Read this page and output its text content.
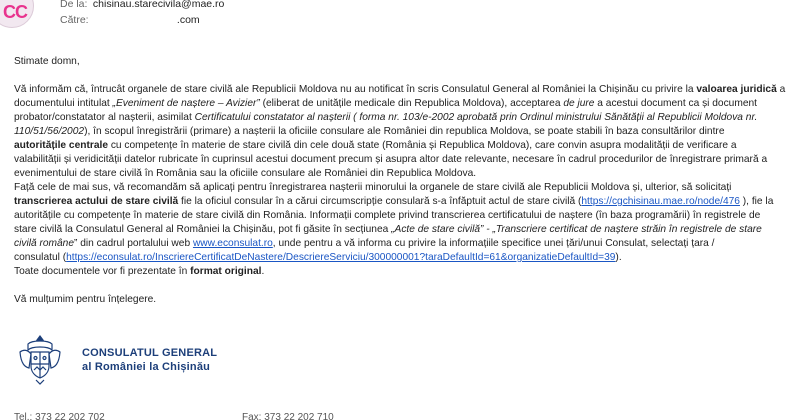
CC	De la: chisinau.starecivila@mae.ro
Către:	.com

Stimate domn,

Vă informăm că, întrucât organele de stare civilă ale Republicii Moldova nu au notificat în scris Consulatul General al României la Chișinău cu privire la valoarea juridică a
documentului intitulat „Eveniment de naștere – Avizier” (eliberat de unitățile medicale din Republica Moldova), acceptarea de jure a acestui document ca și document
probator/constatator al nașterii, asimilat Certificatului constatator al nașterii ( forma nr. 103/e-2002 aprobată prin Ordinul ministrului Sănătății al Republicii Moldova nr.
110/51/56/2002), în scopul înregistrării (primare) a nașterii la oficiile consulare ale României din republica Moldova, se poate stabili în baza consultărilor dintre
autoritățile centrale cu competențe în materie de stare civilă din cele două state (România și Republica Moldova), care convin asupra modalității de verificare a
valabilității și veridicității datelor rubricate în cuprinsul acestui document precum și asupra altor date relevante, necesare în cadrul procedurilor de înregistrare primară a
evenimentului de stare civilă în România sau la oficiile consulare ale României din Republica Moldova.

Față cele de mai sus, vă recomandăm să aplicați pentru înregistrarea nașterii minorului la organele de stare civilă ale Republicii Moldova și, ulterior, să solicitați
transcrierea actului de stare civilă fie la oficiul consular în a cărui circumscripție consulară s-a înfăptuit actul de stare civilă (https://cgchisinau.mae.ro/node/476 ), fie la
autoritățile cu competențe în materie de stare civilă din România. Informații complete privind transcrierea certificatului de naștere (în baza programării) în registrele de
stare civilă la Consulatul General al României la Chișinău, pot fi găsite în secțiunea „Acte de stare civilă” - „Transcriere certificat de naștere străin în registrele de stare
civilă române” din cadrul portalului web www.econsulat.ro, unde pentru a vă informa cu privire la informațiile specifice unei țări/unui Consulat, selectați țara /
consulatul (https://econsulat.ro/InscriereCertificatDeNastere/DescriereServiciu/300000001?taraDefaultId=61&organizatieDefaultId=39).
Toate documentele vor fi prezentate în format original.

Vă mulțumim pentru înțelegere.

CONSULATUL GENERAL
al României la Chișinău
Tel.: 373 22 202 702	Fax: 373 22 202 710
